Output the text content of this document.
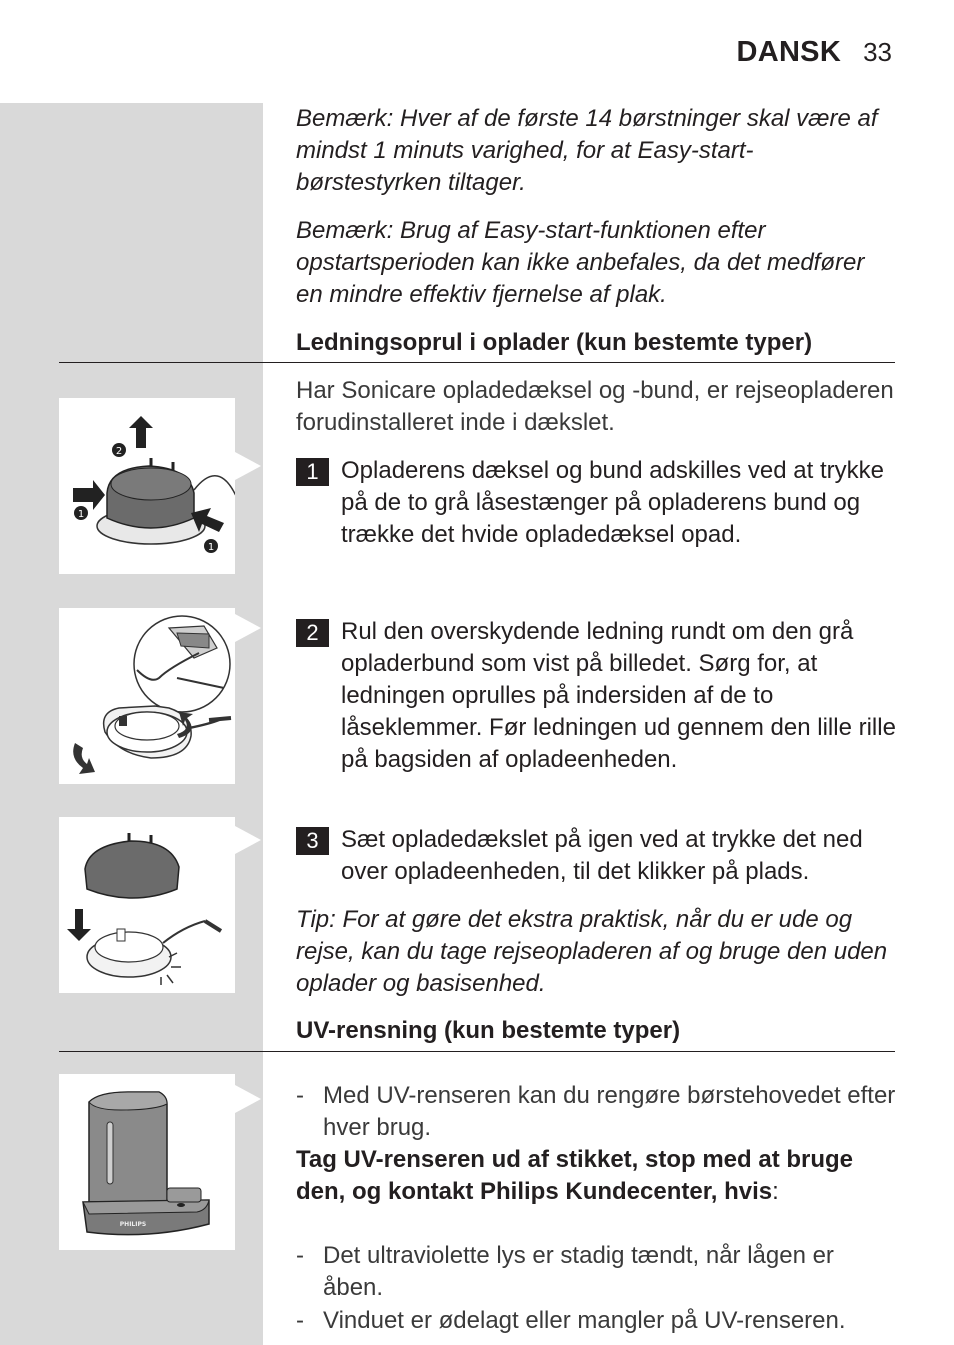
DANSK 33
Bemærk: Hver af de første 14 børstninger skal være af mindst 1 minuts varighed, for at Easy-start-børstestyrken tiltager.
Bemærk: Brug af Easy-start-funktionen efter opstartsperioden kan ikke anbefales, da det medfører en mindre effektiv fjernelse af plak.
Ledningsoprul i oplader (kun bestemte typer)
Har Sonicare opladedæksel og -bund, er rejseopladeren forudinstalleret inde i dækslet.
2
1
1
1 Opladerens dæksel og bund adskilles ved at trykke på de to grå låsestænger på opladerens bund og trække det hvide opladedæksel opad.
2 Rul den overskydende ledning rundt om den grå opladerbund som vist på billedet. Sørg for, at ledningen oprulles på indersiden af de to låseklemmer. Før ledningen ud gennem den lille rille på bagsiden af opladeenheden.
3 Sæt opladedækslet på igen ved at trykke det ned over opladeenheden, til det klikker på plads.
Tip: For at gøre det ekstra praktisk, når du er ude og rejse, kan du tage rejseopladeren af og bruge den uden oplader og basisenhed.
UV-rensning (kun bestemte typer)
PHILIPS
- Med UV-renseren kan du rengøre børstehovedet efter hver brug.
Tag UV-renseren ud af stikket, stop med at bruge den, og kontakt Philips Kundecenter, hvis:
- Det ultraviolette lys er stadig tændt, når lågen er åben.
- Vinduet er ødelagt eller mangler på UV-renseren.
